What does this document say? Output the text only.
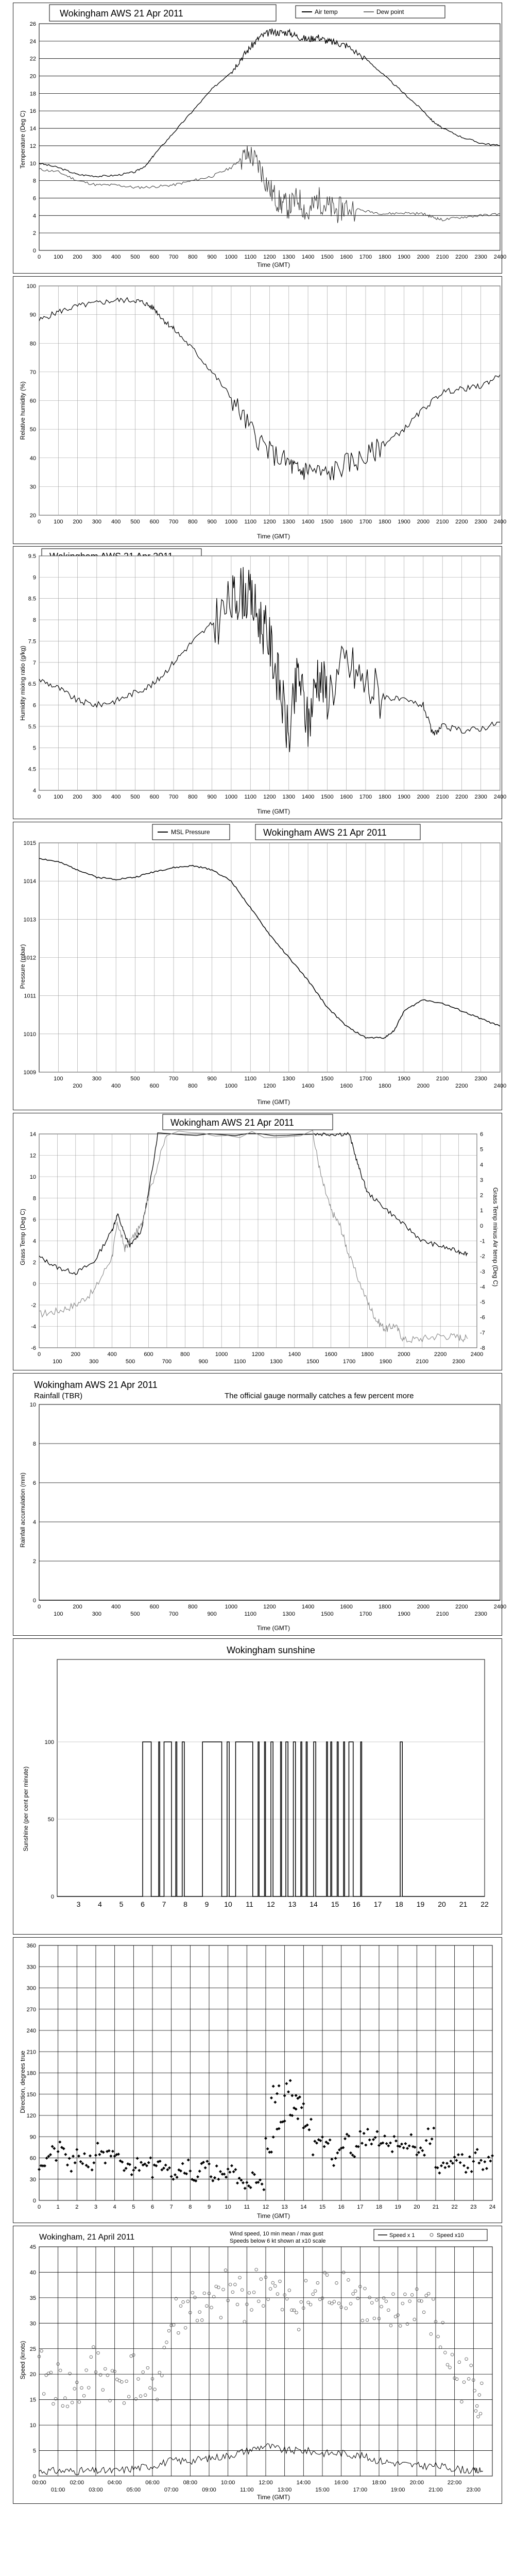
Wokingham AWS 21 Apr 2011	Air temp	Dew point
Temperature (Deg C)
Time (GMT)
0
2
4
6
8
10
12
14
16
18
20
22
24
26
0 100 200 300 400 500 600 700 800 900 1000 1100 1200 1300 1400 1500 1600 1700 1800 1900 2000 2100 2200 2300 2400
Relative humidity (%)
Time (GMT)
20
30
40
50
60
70
80
90
100
0 100 200 300 400 500 600 700 800 900 1000 1100 1200 1300 1400 1500 1600 1700 1800 1900 2000 2100 2200 2300 2400
Humidity mixing ratio (g/kg)
Time (GMT)
4
4.5
5
5.5
6
6.5
7
7.5
8
8.5
9
9.5
0 100 200 300 400 500 600 700 800 900 1000 1100 1200 1300 1400 1500 1600 1700 1800 1900 2000 2100 2200 2300 2400
MSL Pressure	Wokingham AWS 21 Apr 2011
Pressure (mbar)
Time (GMT)
1009
1010
1011
1012
1013
1014
1015
100
200
300
400
500
600
700
800
900
1000
1100
1200
1300
1400
1500
1600
1700
1800
1900
2000
2100
2200
2300
2400
Grass Temp (Deg C)	Grass Temp minus Air temp (Deg C)
Wokingham AWS 21 Apr 2011
-6
-4
-2
0
2
4
6
8
10
12
14
0
100
200
300
400
500
600
700
800
900
1000
1100
1200
1300
1400
1500
1600
1700
1800
1900
2000
2100
2200
2300
2400
-8
-7
-6
-5
-4
-3
-2
-1
0
1
2
3
4
5
6
Wokingham AWS 21 Apr 2011
Rainfall (TBR)	The official gauge normally catches a few percent more
Rainfall accumulation (mm)
Time (GMT)
0
2
4
6
8
10
0
100
200
300
400
500
600
700
800
900
1000
1100
1200
1300
1400
1500
1600
1700
1800
1900
2000
2100
2200
2300
2400
Wokingham sunshine
Sunshine (per cent per minute)
0
50
100
3 4 5 6 7 8 9 10 11 12 13 14 15 16 17 18 19 20 21 22
Direction, degrees true
Time (GMT)
0
30
60
90
120
150
180
210
240
270
300
330
360
0	1	2	3	4	5	6	7	8	9 10 11 12 13 14 15 16 17 18 19 20 21 22 23 24
Wokingham, 21 April 2011	Wind speed, 10 min mean / max gust
Speeds below 6 kt shown at x10 scale
Speed x 1	Speed x10
Speed (knots)
Time (GMT)
0
5
10
15
20
25
30
35
40
45
00:00
01:00
02:00
03:00
04:00
05:00
06:00
07:00
08:00
09:00
10:00
11:00
12:00
13:00
14:00
15:00
16:00
17:00
18:00
19:00
20:00
21:00
22:00
23:00
